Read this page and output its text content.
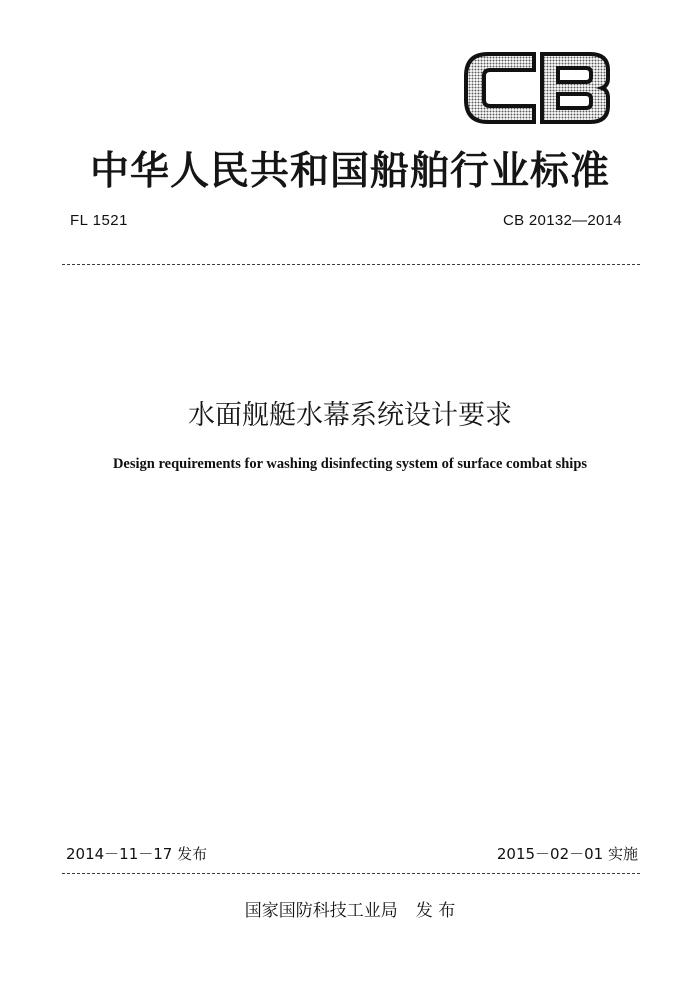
中华人民共和国船舶行业标准
FL 1521	CB 20132—2014
水面舰艇水幕系统设计要求
Design requirements for washing disinfecting system of surface combat ships
2014－11－17 发布	2015－02－01 实施
国家国防科技工业局 发 布
